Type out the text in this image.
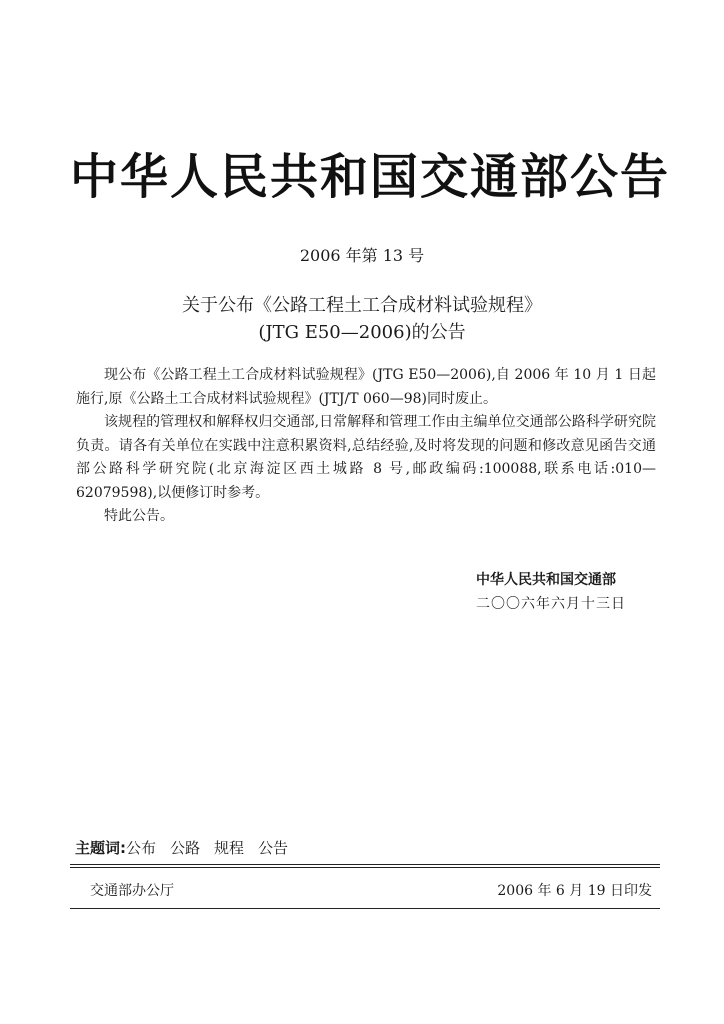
中华人民共和国交通部公告
2006 年第 13 号
关于公布《公路工程土工合成材料试验规程》
(JTG E50—2006)的公告

现公布《公路工程土工合成材料试验规程》(JTG E50—2006),自 2006 年 10 月 1 日起施行,原《公路土工合成材料试验规程》(JTJ/T 060—98)同时废止。

该规程的管理权和解释权归交通部,日常解释和管理工作由主编单位交通部公路科学研究院负责。请各有关单位在实践中注意积累资料,总结经验,及时将发现的问题和修改意见函告交通部公路科学研究院(北京海淀区西土城路 8 号,邮政编码:100088,联系电话:010—62079598),以便修订时参考。

特此公告。

中华人民共和国交通部
二〇〇六年六月十三日
主题词:公布 公路 规程 公告
交通部办公厅	2006 年 6 月 19 日印发
